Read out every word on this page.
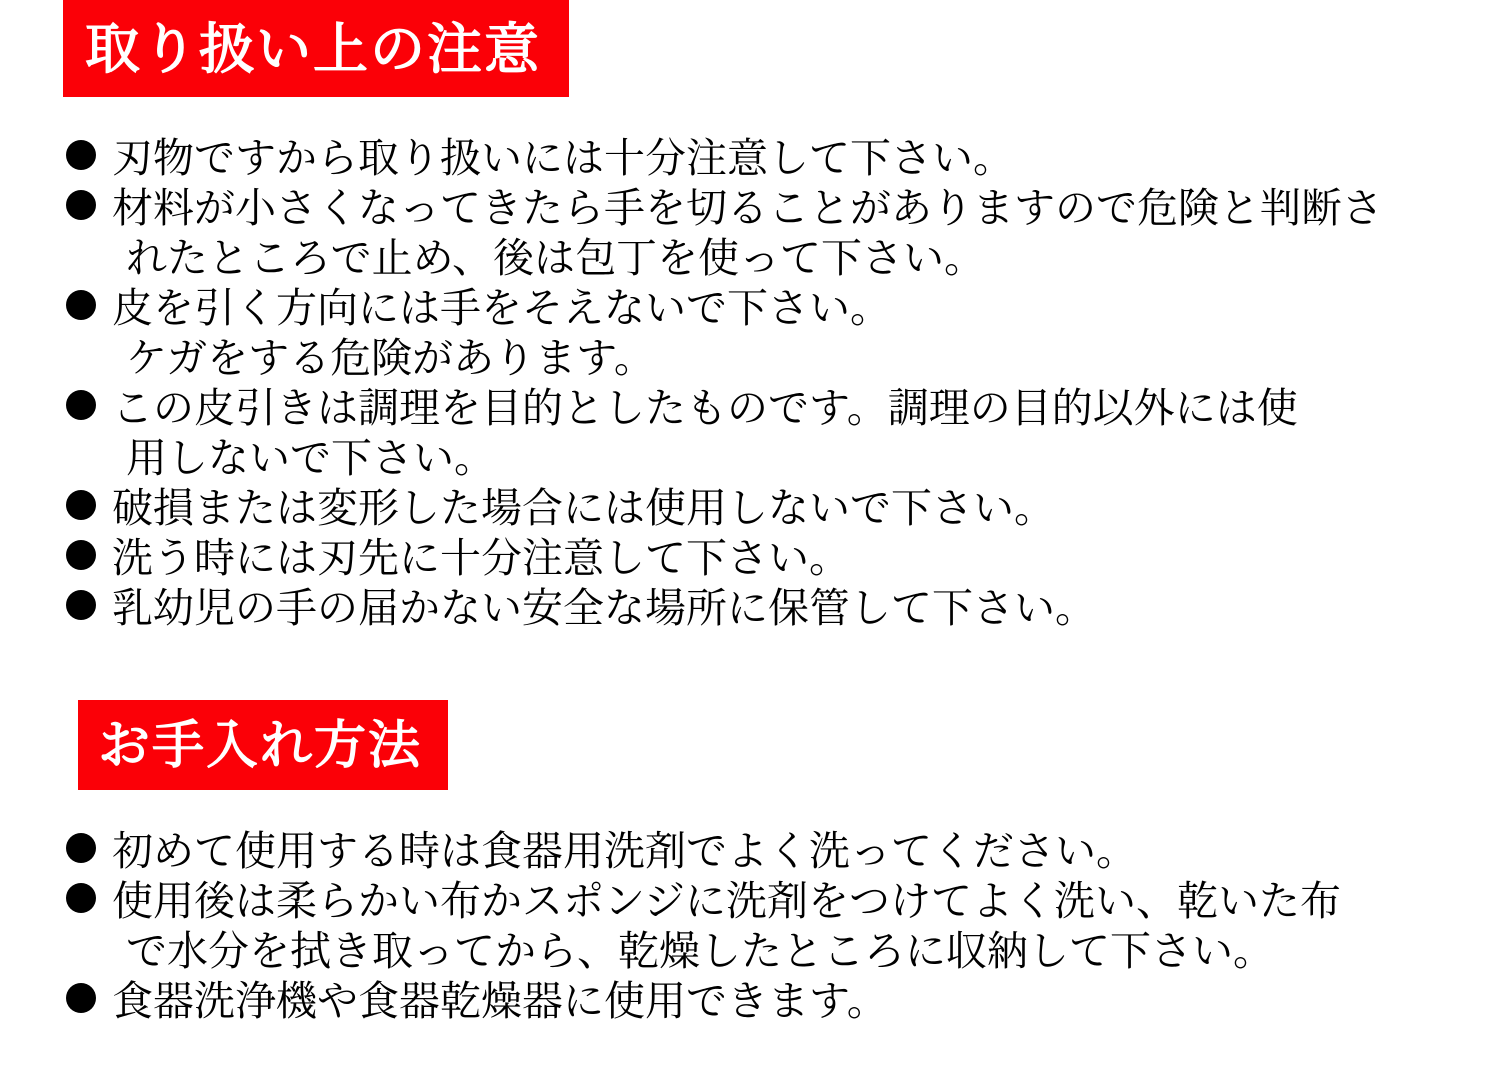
取り扱い上の注意
刃物ですから取り扱いには十分注意して下さい。
材料が小さくなってきたら手を切ることがありますので危険と判断さ
れたところで止め、後は包丁を使って下さい。
皮を引く方向には手をそえないで下さい。
ケガをする危険があります。
この皮引きは調理を目的としたものです。調理の目的以外には使
用しないで下さい。
破損または変形した場合には使用しないで下さい。
洗う時には刃先に十分注意して下さい。
乳幼児の手の届かない安全な場所に保管して下さい。
お手入れ方法
初めて使用する時は食器用洗剤でよく洗ってください。
使用後は柔らかい布かスポンジに洗剤をつけてよく洗い、乾いた布
で水分を拭き取ってから、乾燥したところに収納して下さい。
食器洗浄機や食器乾燥器に使用できます。
